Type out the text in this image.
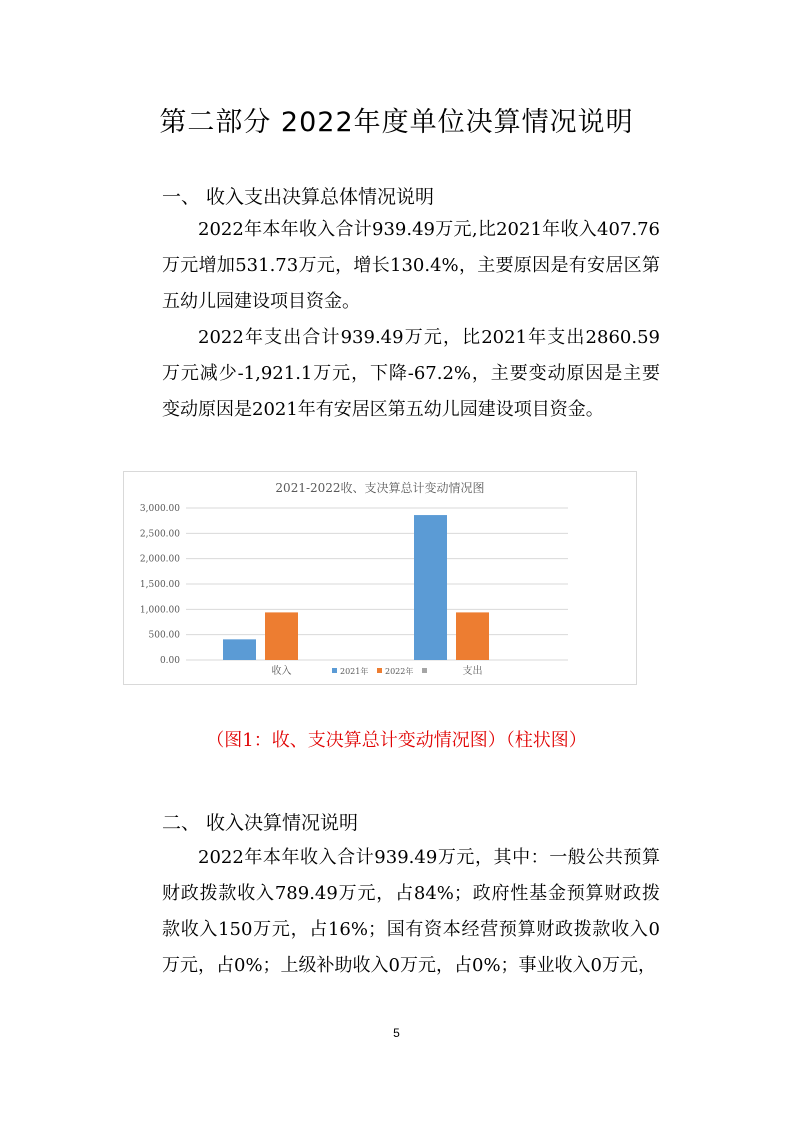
第二部分 2022年度单位决算情况说明
一、 收入支出决算总体情况说明

2022年本年收入合计939.49万元,比2021年收入407.76万元增加531.73万元，增长130.4%，主要原因是有安居区第五幼儿园建设项目资金。

2022年支出合计939.49万元，比2021年支出2860.59万元减少-1,921.1万元，下降-67.2%，主要变动原因是主要变动原因是2021年有安居区第五幼儿园建设项目资金。

2021-2022收、支决算总计变动情况图
0.00
500.00
1,000.00
1,500.00
2,000.00
2,500.00
3,000.00
收入	支出
2021年 2022年
（图1：收、支决算总计变动情况图）（柱状图）
二、 收入决算情况说明

2022年本年收入合计939.49万元，其中：一般公共预算财政拨款收入789.49万元，占84%；政府性基金预算财政拨款收入150万元，占16%；国有资本经营预算财政拨款收入0万元，占0%；上级补助收入0万元，占0%；事业收入0万元，

5
